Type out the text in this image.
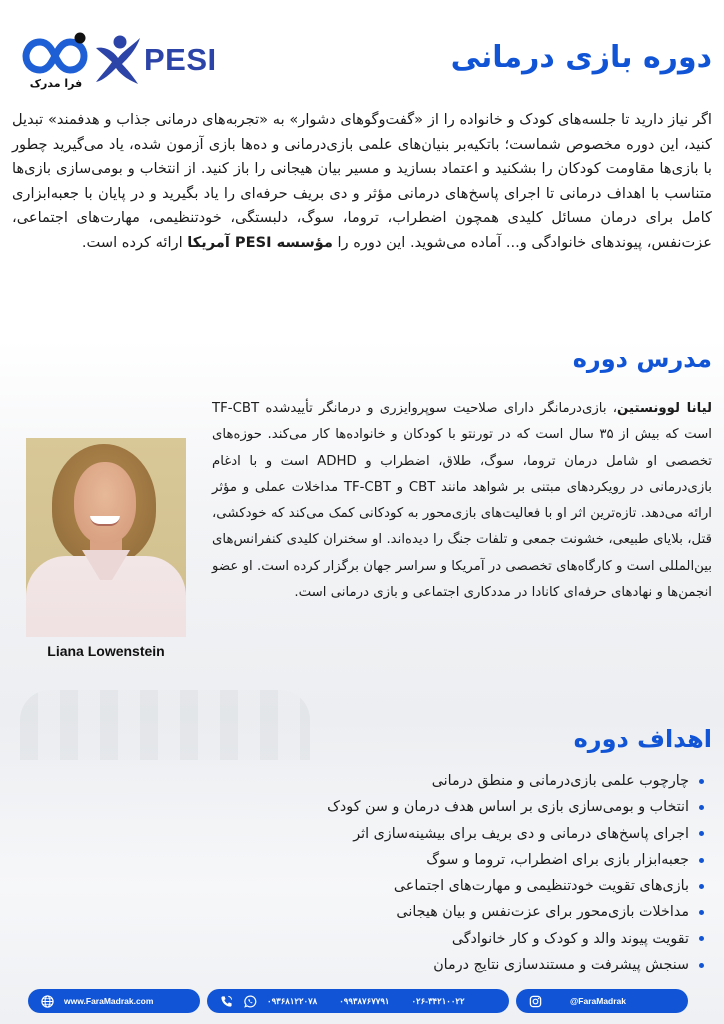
فرا مدرک
PESI	دوره بازی درمانی

اگر نیاز دارید تا جلسه‌های کودک و خانواده را از «گفت‌وگوهای دشوار» به «تجربه‌های درمانی جذاب و هدفمند» تبدیل کنید، این دوره مخصوص شماست؛ باتکیه‌بر بنیان‌های علمی بازی‌درمانی و ده‌ها بازی آزمون شده، یاد می‌گیرید چطور با بازی‌ها مقاومت کودکان را بشکنید و اعتماد بسازید و مسیر بیان هیجانی را باز کنید. از انتخاب و بومی‌سازی بازی‌ها متناسب با اهداف درمانی تا اجرای پاسخ‌های درمانی مؤثر و دی بریف حرفه‌ای را یاد بگیرید و در پایان با جعبه‌ابزاری کامل برای درمان مسائل کلیدی همچون اضطراب، تروما، سوگ، دلبستگی، خودتنظیمی، مهارت‌های اجتماعی، عزت‌نفس، پیوندهای خانوادگی و... آماده می‌شوید. این دوره را مؤسسه PESI آمریکا ارائه کرده است.

مدرس دوره

لیانا لوونستین، بازی‌درمانگر دارای صلاحیت سوپروایزری و درمانگر تأییدشده TF-CBT است که بیش از ۳۵ سال است که در تورنتو با کودکان و خانواده‌ها کار می‌کند. حوزه‌های تخصصی او شامل درمان تروما، سوگ، طلاق، اضطراب و ADHD است و با ادغام بازی‌درمانی در رویکردهای مبتنی بر شواهد مانند CBT و TF-CBT مداخلات عملی و مؤثر ارائه می‌دهد. تازه‌ترین اثر او با فعالیت‌های بازی‌محور به کودکانی کمک می‌کند که خودکشی، قتل، بلایای طبیعی، خشونت جمعی و تلفات جنگ را دیده‌اند. او سخنران کلیدی کنفرانس‌های بین‌المللی است و کارگاه‌های تخصصی در آمریکا و سراسر جهان برگزار کرده است. او عضو انجمن‌ها و نهادهای حرفه‌ای کانادا در مددکاری اجتماعی و بازی درمانی است.

Liana Lowenstein
اهداف دوره
چارچوب علمی بازی‌درمانی و منطق درمانی
انتخاب و بومی‌سازی بازی بر اساس هدف درمان و سن کودک
اجرای پاسخ‌های درمانی و دی بریف برای بیشینه‌سازی اثر
جعبه‌ابزار بازی برای اضطراب، تروما و سوگ
بازی‌های تقویت خودتنظیمی و مهارت‌های اجتماعی
مداخلات بازی‌محور برای عزت‌نفس و بیان هیجانی
تقویت پیوند والد و کودک و کار خانوادگی
سنجش پیشرفت و مستندسازی نتایج درمان
www.FaraMadrak.com	۰۹۳۶۸۱۲۲۰۷۸	۰۹۹۳۸۷۶۷۷۹۱	۰۲۶-۳۴۲۱۰۰۲۲	@FaraMadrak
